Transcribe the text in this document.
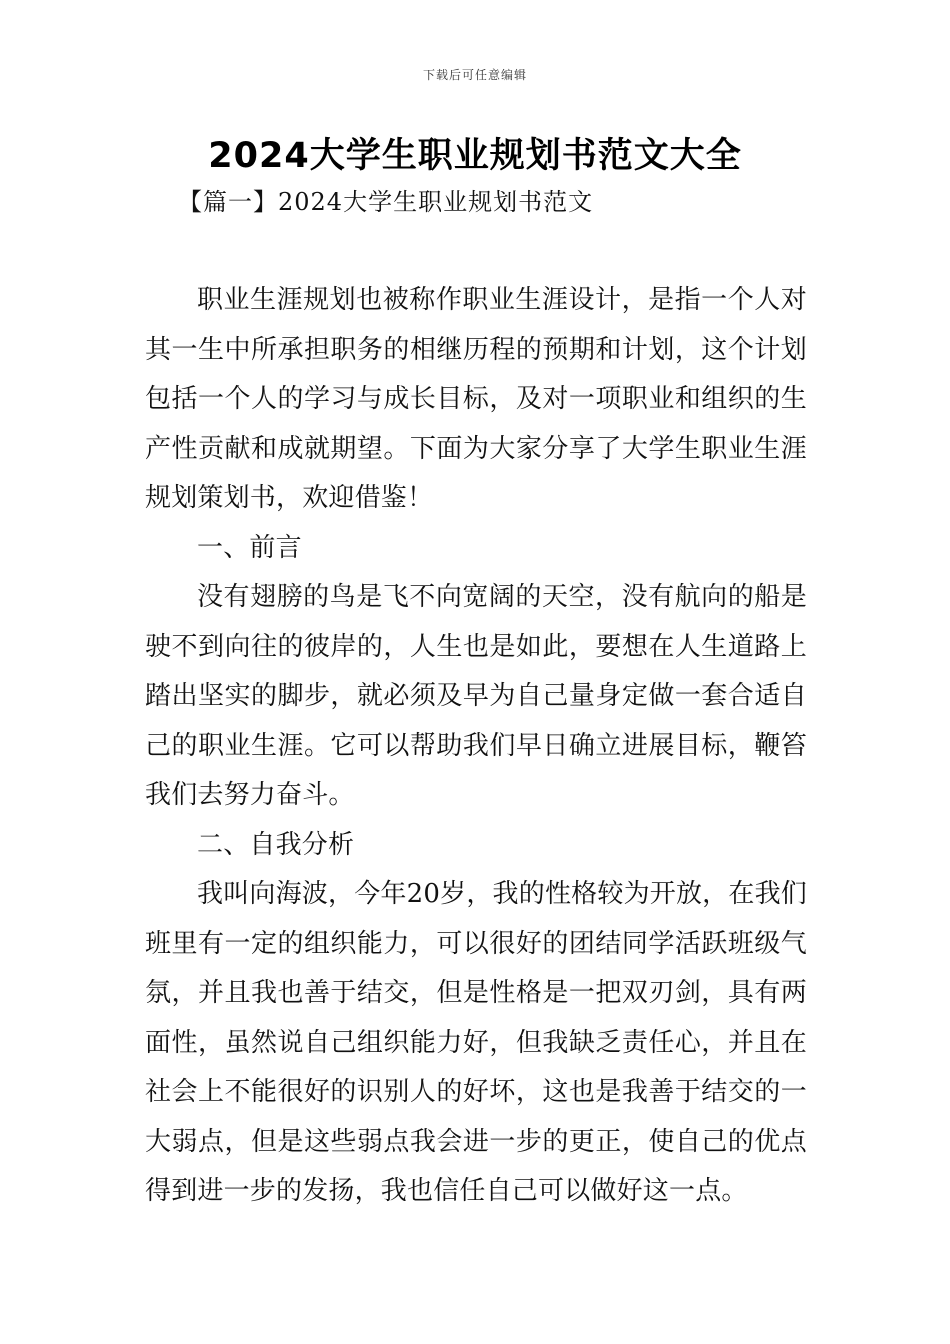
下载后可任意编辑
2024大学生职业规划书范文大全
【篇一】2024大学生职业规划书范文

职业生涯规划也被称作职业生涯设计，是指一个人对其一生中所承担职务的相继历程的预期和计划，这个计划包括一个人的学习与成长目标，及对一项职业和组织的生产性贡献和成就期望。下面为大家分享了大学生职业生涯规划策划书，欢迎借鉴！

一、前言

没有翅膀的鸟是飞不向宽阔的天空，没有航向的船是驶不到向往的彼岸的，人生也是如此，要想在人生道路上踏出坚实的脚步，就必须及早为自己量身定做一套合适自己的职业生涯。它可以帮助我们早日确立进展目标，鞭笞我们去努力奋斗。

二、自我分析

我叫向海波，今年20岁，我的性格较为开放，在我们班里有一定的组织能力，可以很好的团结同学活跃班级气氛，并且我也善于结交，但是性格是一把双刃剑，具有两面性，虽然说自己组织能力好，但我缺乏责任心，并且在社会上不能很好的识别人的好坏，这也是我善于结交的一大弱点，但是这些弱点我会进一步的更正，使自己的优点得到进一步的发扬，我也信任自己可以做好这一点。
